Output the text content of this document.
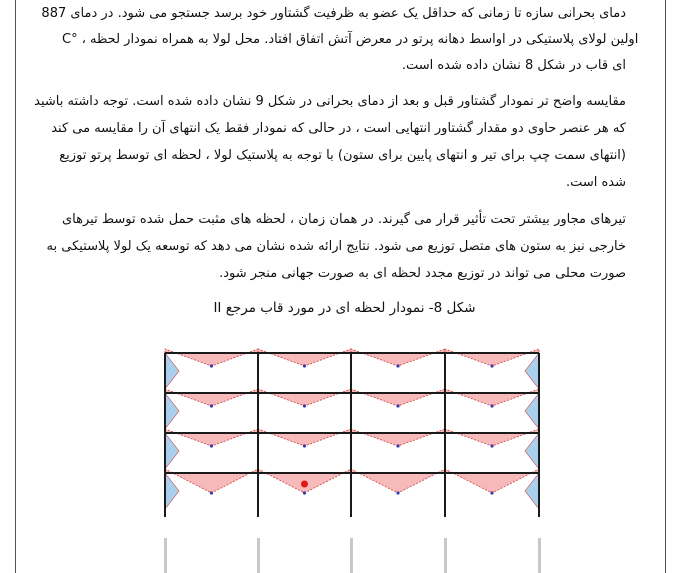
دمای بحرانی سازه تا زمانی که حداقل یک عضو به ظرفیت گشتاور خود برسد جستجو می شود. در دمای 887
C° ، اولین لولای پلاستیکی در اواسط دهانه پرتو در معرض آتش اتفاق افتاد. محل لولا به همراه نمودار لحظه
ای قاب در شکل 8 نشان داده شده است.
مقایسه واضح تر نمودار گشتاور قبل و بعد از دمای بحرانی در شکل 9 نشان داده شده است. توجه داشته باشید
که هر عنصر حاوی دو مقدار گشتاور انتهایی است ، در حالی که نمودار فقط یک انتهای آن را مقایسه می کند
(انتهای سمت چپ برای تیر و انتهای پایین برای ستون) با توجه به پلاستیک لولا ، لحظه ای توسط پرتو توزیع
شده است.
تیرهای مجاور بیشتر تحت تأثیر قرار می گیرند. در همان زمان ، لحظه های مثبت حمل شده توسط تیرهای
خارجی نیز به ستون های متصل توزیع می شود. نتایج ارائه شده نشان می دهد که توسعه یک لولا پلاستیکی به
صورت محلی می تواند در توزیع مجدد لحظه ای به صورت جهانی منجر شود.
شکل 8- نمودار لحظه ای در مورد قاب مرجع II
